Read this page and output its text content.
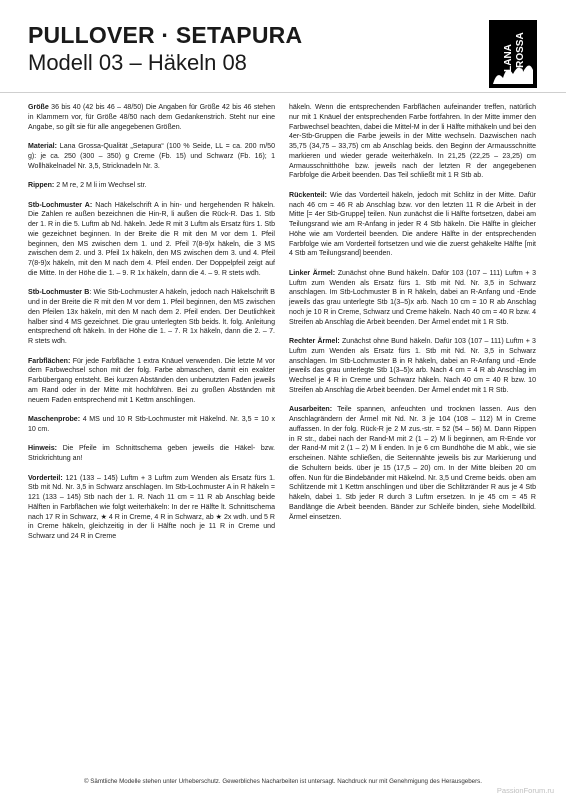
PULLOVER · SETAPURA
Modell 03 – Häkeln 08	LANA GROSSA

Größe 36 bis 40 (42 bis 46 – 48/50) Die Angaben für Größe 42 bis 46 stehen in Klammern vor, für Größe 48/50 nach dem Gedankenstrich. Steht nur eine Angabe, so gilt sie für alle angegebenen Größen.

Material: Lana Grossa-Qualität „Setapura“ (100 % Seide, LL = ca. 200 m/50 g): je ca. 250 (300 – 350) g Creme (Fb. 15) und Schwarz (Fb. 16); 1 Wollhäkelnadel Nr. 3,5, Stricknadeln Nr. 3.

Rippen: 2 M re, 2 M li im Wechsel str.

Stb-Lochmuster A: Nach Häkelschrift A in hin- und hergehenden R häkeln. Die Zahlen re außen bezeichnen die Hin-R, li außen die Rück-R. Das 1. Stb der 1. R in die 5. Luftm ab Nd. häkeln. Jede R mit 3 Luftm als Ersatz fürs 1. Stb wie gezeichnet beginnen. In der Breite die R mit den M vor dem 1. Pfeil beginnen, den MS zwischen dem 1. und 2. Pfeil 7(8-9)x häkeln, die 3 MS zwischen dem 2. und 3. Pfeil 1x häkeln, den MS zwischen dem 3. und 4. Pfeil 7(8-9)x häkeln, mit den M nach dem 4. Pfeil enden. Der Doppelpfeil zeigt auf die Mitte. In der Höhe die 1. – 9. R 1x häkeln, dann die 4. – 9. R stets wdh.

Stb-Lochmuster B: Wie Stb-Lochmuster A häkeln, jedoch nach Häkelschrift B und in der Breite die R mit den M vor dem 1. Pfeil beginnen, den MS zwischen den Pfeilen 13x häkeln, mit den M nach dem 2. Pfeil enden. Der Deutlichkeit halber sind 4 MS gezeichnet. Die grau unterlegten Stb beids. lt. folg. Anleitung entsprechend oft häkeln. In der Höhe die 1. – 7. R 1x häkeln, dann die 2. – 7. R stets wdh.

Farbflächen: Für jede Farbfläche 1 extra Knäuel verwenden. Die letzte M vor dem Farbwechsel schon mit der folg. Farbe abmaschen, damit ein exakter Farbübergang entsteht. Bei kurzen Abständen den unbenutzten Faden jeweils am Rand oder in der Mitte mit hochführen. Bei zu großen Abständen mit neuem Faden entsprechend mit 1 Kettm anschlingen.

Maschenprobe: 4 MS und 10 R Stb-Lochmuster mit Häkelnd. Nr. 3,5 = 10 x 10 cm.

Hinweis: Die Pfeile im Schnittschema geben jeweils die Häkel- bzw. Strickrichtung an!

Vorderteil: 121 (133 – 145) Luftm + 3 Luftm zum Wenden als Ersatz fürs 1. Stb mit Nd. Nr. 3,5 in Schwarz anschlagen. Im Stb-Lochmuster A in R häkeln = 121 (133 – 145) Stb nach der 1. R. Nach 11 cm = 11 R ab Anschlag beide Hälften in Farbflächen wie folgt weiterhäkeln: In der re Hälfte lt. Schnittschema nach 17 R in Schwarz, ★ 4 R in Creme, 4 R in Schwarz, ab ★ 2x wdh. und 5 R in Creme häkeln, gleichzeitig in der li Hälfte noch je 11 R in Creme und Schwarz und 24 R in Creme

häkeln. Wenn die entsprechenden Farbflächen aufeinander treffen, natürlich nur mit 1 Knäuel der entsprechenden Farbe fortfahren. In der Mitte immer den Farbwechsel beachten, dabei die Mittel-M in der li Hälfte mithäkeln und bei den 4er-Stb-Gruppen die Farbe jeweils in der Mitte wechseln. Dazwischen nach 35,75 (34,75 – 33,75) cm ab Anschlag beids. den Beginn der Armausschnitte markieren und wieder gerade weiterhäkeln. In 21,25 (22,25 – 23,25) cm Armausschnitthöhe bzw. jeweils nach der letzten R der angegebenen Farbfolge die Arbeit beenden. Das Teil schließt mit 1 R Stb ab.

Rückenteil: Wie das Vorderteil häkeln, jedoch mit Schlitz in der Mitte. Dafür nach 46 cm = 46 R ab Anschlag bzw. vor den letzten 11 R die Arbeit in der Mitte [= 4er Stb-Gruppe] teilen. Nun zunächst die li Hälfte fortsetzen, dabei am Teilungsrand wie am R-Anfang in jeder R 4 Stb häkeln. Die Hälfte in gleicher Höhe wie am Vorderteil beenden. Die andere Hälfte in der entsprechenden Farbfolge wie am Vorderteil fortsetzen und wie die zuerst gehäkelte Hälfte [mit 4 Stb am Teilungsrand] beenden.

Linker Ärmel: Zunächst ohne Bund häkeln. Dafür 103 (107 – 111) Luftm + 3 Luftm zum Wenden als Ersatz fürs 1. Stb mit Nd. Nr. 3,5 in Schwarz anschlagen. Im Stb-Lochmuster B in R häkeln, dabei an R-Anfang und -Ende jeweils das grau unterlegte Stb 1(3–5)x arb. Nach 10 cm = 10 R ab Anschlag noch je 10 R in Creme, Schwarz und Creme häkeln. Nach 40 cm = 40 R bzw. 4 Streifen ab Anschlag die Arbeit beenden. Der Ärmel endet mit 1 R Stb.

Rechter Ärmel: Zunächst ohne Bund häkeln. Dafür 103 (107 – 111) Luftm + 3 Luftm zum Wenden als Ersatz fürs 1. Stb mit Nd. Nr. 3,5 in Schwarz anschlagen. Im Stb-Lochmuster B in R häkeln, dabei an R-Anfang und -Ende jeweils das grau unterlegte Stb 1(3–5)x arb. Nach 4 cm = 4 R ab Anschlag im Wechsel je 4 R in Creme und Schwarz häkeln. Nach 40 cm = 40 R bzw. 10 Streifen ab Anschlag die Arbeit beenden. Der Ärmel endet mit 1 R Stb.

Ausarbeiten: Teile spannen, anfeuchten und trocknen lassen. Aus den Anschlagrändern der Ärmel mit Nd. Nr. 3 je 104 (108 – 112) M in Creme auffassen. In der folg. Rück-R je 2 M zus.-str. = 52 (54 – 56) M. Dann Rippen in R str., dabei nach der Rand-M mit 2 (1 – 2) M li beginnen, am R-Ende vor der Rand-M mit 2 (1 – 2) M li enden. In je 6 cm Bundhöhe die M abk., wie sie erscheinen. Nähte schließen, die Seitennähte jeweils bis zur Markierung und die Schultern beids. über je 15 (17,5 – 20) cm. In der Mitte bleiben 20 cm offen. Nun für die Bindebänder mit Häkelnd. Nr. 3,5 und Creme beids. oben am Schlitzende mit 1 Kettm anschlingen und über die Schlitzränder R aus je 4 Stb häkeln, dabei 1. Stb jeder R durch 3 Luftm ersetzen. In je 45 cm = 45 R Bandlänge die Arbeit beenden. Bänder zur Schleife binden, siehe Modellbild. Ärmel einsetzen.

© Sämtliche Modelle stehen unter Urheberschutz. Gewerbliches Nacharbeiten ist untersagt. Nachdruck nur mit Genehmigung des Herausgebers.
PassionForum.ru
